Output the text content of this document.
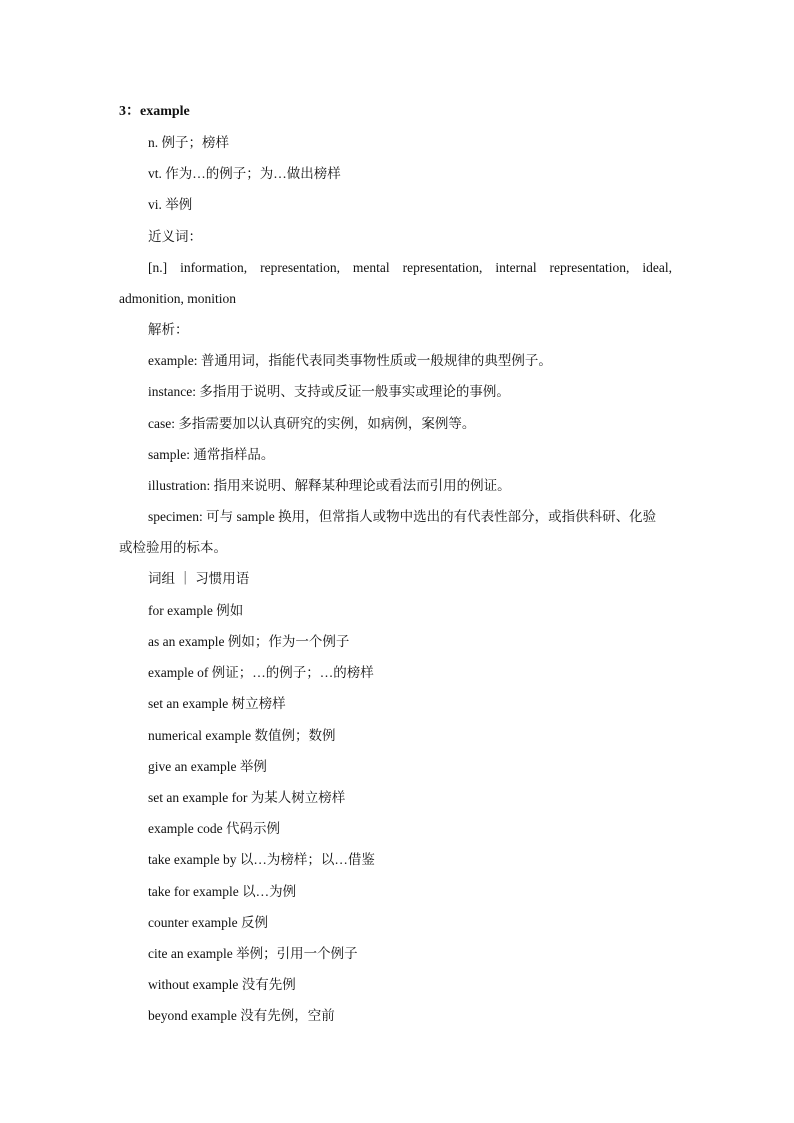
3：example
n. 例子；榜样
vt. 作为…的例子；为…做出榜样
vi. 举例
近义词：
[n.] information, representation, mental representation, internal representation, ideal,
admonition, monition
解析：
example: 普通用词，指能代表同类事物性质或一般规律的典型例子。
instance: 多指用于说明、支持或反证一般事实或理论的事例。
case: 多指需要加以认真研究的实例，如病例，案例等。
sample: 通常指样品。
illustration: 指用来说明、解释某种理论或看法而引用的例证。
specimen: 可与 sample 换用，但常指人或物中选出的有代表性部分，或指供科研、化验
或检验用的标本。
词组 ｜ 习惯用语
for example 例如
as an example 例如；作为一个例子
example of 例证；…的例子；…的榜样
set an example 树立榜样
numerical example 数值例；数例
give an example 举例
set an example for 为某人树立榜样
example code 代码示例
take example by 以…为榜样；以…借鉴
take for example 以…为例
counter example 反例
cite an example 举例；引用一个例子
without example 没有先例
beyond example 没有先例，空前
